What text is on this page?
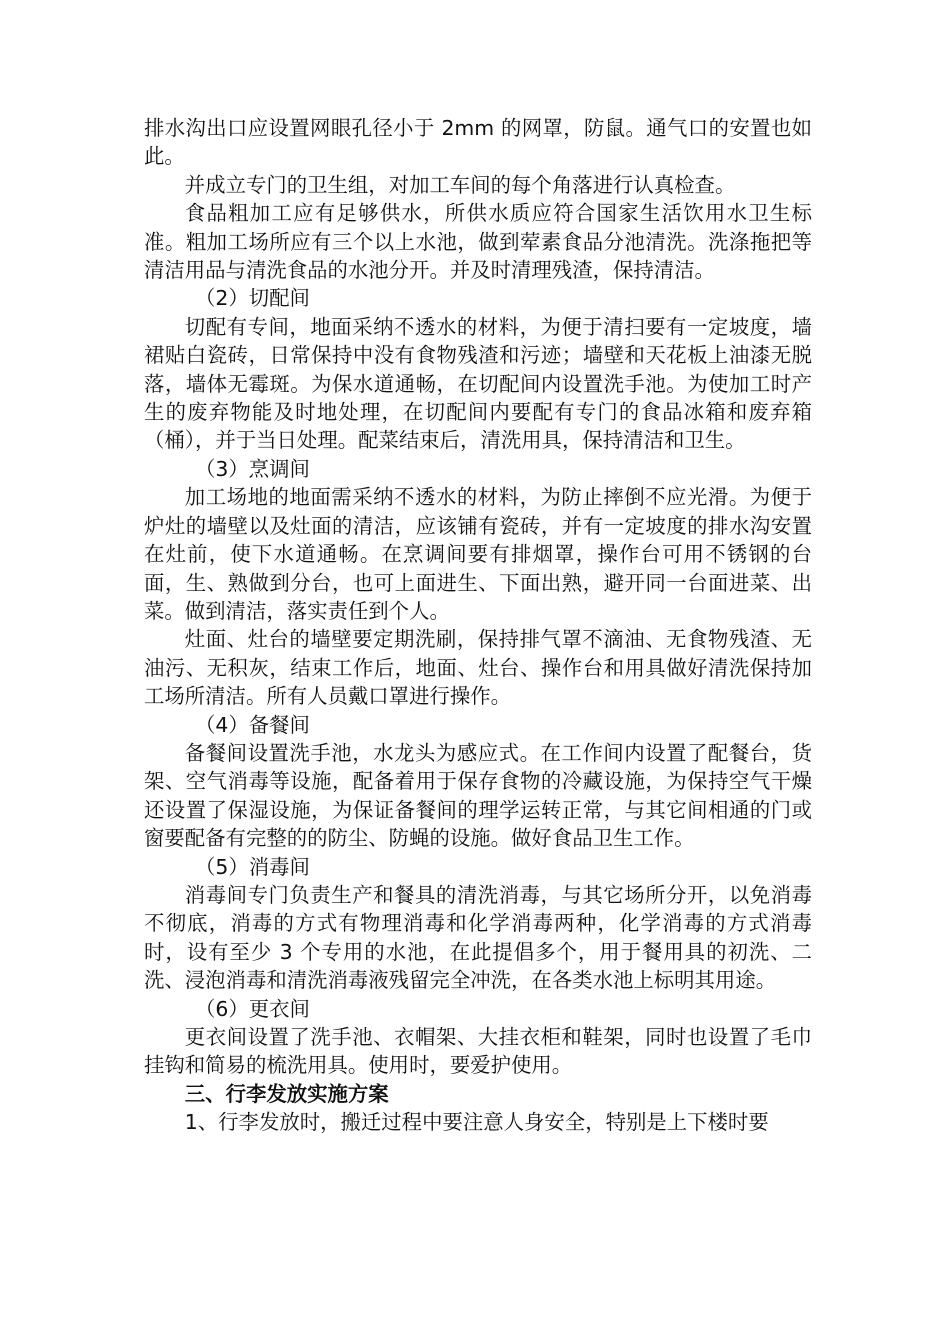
排水沟出口应设置网眼孔径小于 2mm 的网罩，防鼠。通气口的安置也如此。

并成立专门的卫生组，对加工车间的每个角落进行认真检查。

食品粗加工应有足够供水，所供水质应符合国家生活饮用水卫生标准。粗加工场所应有三个以上水池，做到荤素食品分池清洗。洗涤拖把等清洁用品与清洗食品的水池分开。并及时清理残渣，保持清洁。

（2）切配间

切配有专间，地面采纳不透水的材料，为便于清扫要有一定坡度，墙裙贴白瓷砖，日常保持中没有食物残渣和污迹；墙壁和天花板上油漆无脱落，墙体无霉斑。为保水道通畅，在切配间内设置洗手池。为使加工时产生的废弃物能及时地处理，在切配间内要配有专门的食品冰箱和废弃箱（桶），并于当日处理。配菜结束后，清洗用具，保持清洁和卫生。

（3）烹调间

加工场地的地面需采纳不透水的材料，为防止摔倒不应光滑。为便于炉灶的墙壁以及灶面的清洁，应该铺有瓷砖，并有一定坡度的排水沟安置在灶前，使下水道通畅。在烹调间要有排烟罩，操作台可用不锈钢的台面，生、熟做到分台，也可上面进生、下面出熟，避开同一台面进菜、出菜。做到清洁，落实责任到个人。

灶面、灶台的墙壁要定期洗刷，保持排气罩不滴油、无食物残渣、无油污、无积灰，结束工作后，地面、灶台、操作台和用具做好清洗保持加工场所清洁。所有人员戴口罩进行操作。

（4）备餐间

备餐间设置洗手池，水龙头为感应式。在工作间内设置了配餐台，货架、空气消毒等设施，配备着用于保存食物的冷藏设施，为保持空气干燥还设置了保湿设施，为保证备餐间的理学运转正常，与其它间相通的门或窗要配备有完整的的防尘、防蝇的设施。做好食品卫生工作。

（5）消毒间

消毒间专门负责生产和餐具的清洗消毒，与其它场所分开，以免消毒不彻底，消毒的方式有物理消毒和化学消毒两种，化学消毒的方式消毒时，设有至少 3 个专用的水池，在此提倡多个，用于餐用具的初洗、二洗、浸泡消毒和清洗消毒液残留完全冲洗，在各类水池上标明其用途。

（6）更衣间

更衣间设置了洗手池、衣帽架、大挂衣柜和鞋架，同时也设置了毛巾挂钩和简易的梳洗用具。使用时，要爱护使用。

三、行李发放实施方案

1、行李发放时，搬迁过程中要注意人身安全，特别是上下楼时要
